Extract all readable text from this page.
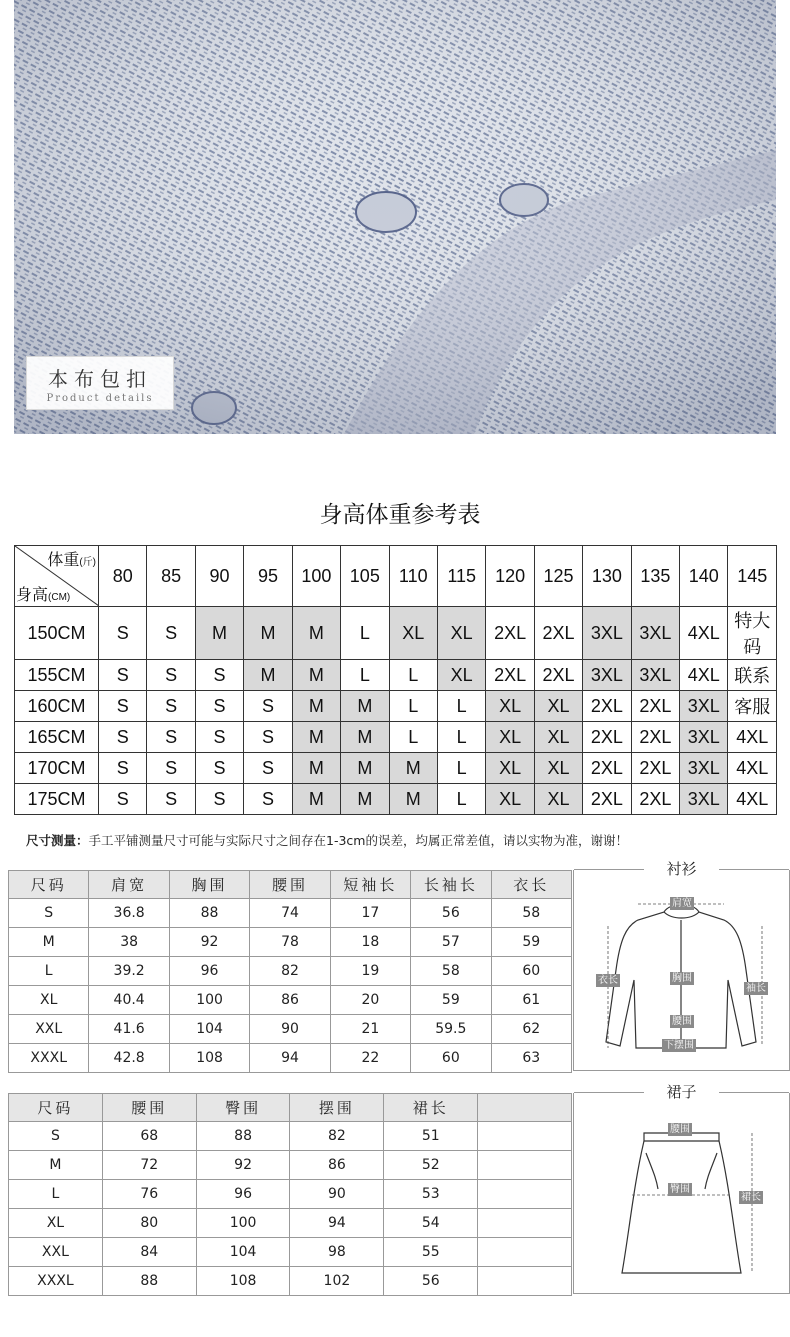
本布包扣
Product details
身高体重参考表
体重(斤)
身高(CM)	80	85	90	95	100	105	110	115	120	125	130	135	140	145
150CM	S	S	M	M	M	L	XL	XL	2XL	2XL	3XL	3XL	4XL	特大码
155CM	S	S	S	M	M	L	L	XL	2XL	2XL	3XL	3XL	4XL	联系
160CM	S	S	S	S	M	M	L	L	XL	XL	2XL	2XL	3XL	客服
165CM	S	S	S	S	M	M	L	L	XL	XL	2XL	2XL	3XL	4XL
170CM	S	S	S	S	M	M	M	L	XL	XL	2XL	2XL	3XL	4XL
175CM	S	S	S	S	M	M	M	L	XL	XL	2XL	2XL	3XL	4XL
尺寸测量：手工平铺测量尺寸可能与实际尺寸之间存在1-3cm的误差，均属正常差值，请以实物为准，谢谢！
尺码	肩宽	胸围	腰围	短袖长	长袖长	衣长
S	36.8	88	74	17	56	58
M	38	92	78	18	57	59
L	39.2	96	82	19	58	60
XL	40.4	100	86	20	59	61
XXL	41.6	104	90	21	59.5	62
XXXL	42.8	108	94	22	60	63
衬衫
肩宽
胸围
衣长
袖长
腰围
下摆围
尺码	腰围	臀围	摆围	裙长	
S	68	88	82	51	
M	72	92	86	52	
L	76	96	90	53	
XL	80	100	94	54	
XXL	84	104	98	55	
XXXL	88	108	102	56	
裙子
腰围
臀围
裙长
